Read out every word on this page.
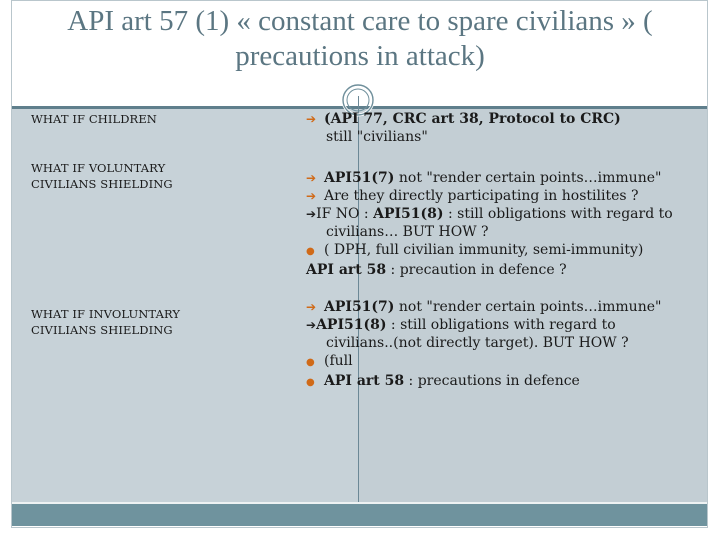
API art 57 (1) « constant care to spare civilians » (
precautions in attack)
WHAT IF CHILDREN	➔ (API 77, CRC art 38, Protocol to CRC)
still "civilians"
WHAT IF VOLUNTARY
CIVILIANS SHIELDING	➔ API51(7) not "render certain points…immune"
➔ Are they directly participating in hostilites ?
➔IF NO : API51(8) : still obligations with regard to
civilians… BUT HOW ?
● ( DPH, full civilian immunity, semi-immunity)
API art 58 : precaution in defence ?
WHAT IF INVOLUNTARY
CIVILIANS SHIELDING
➔ API51(7) not "render certain points…immune"
➔API51(8) : still obligations with regard to
civilians..(not directly target). BUT HOW ?
● (full
● API art 58 : precautions in defence
